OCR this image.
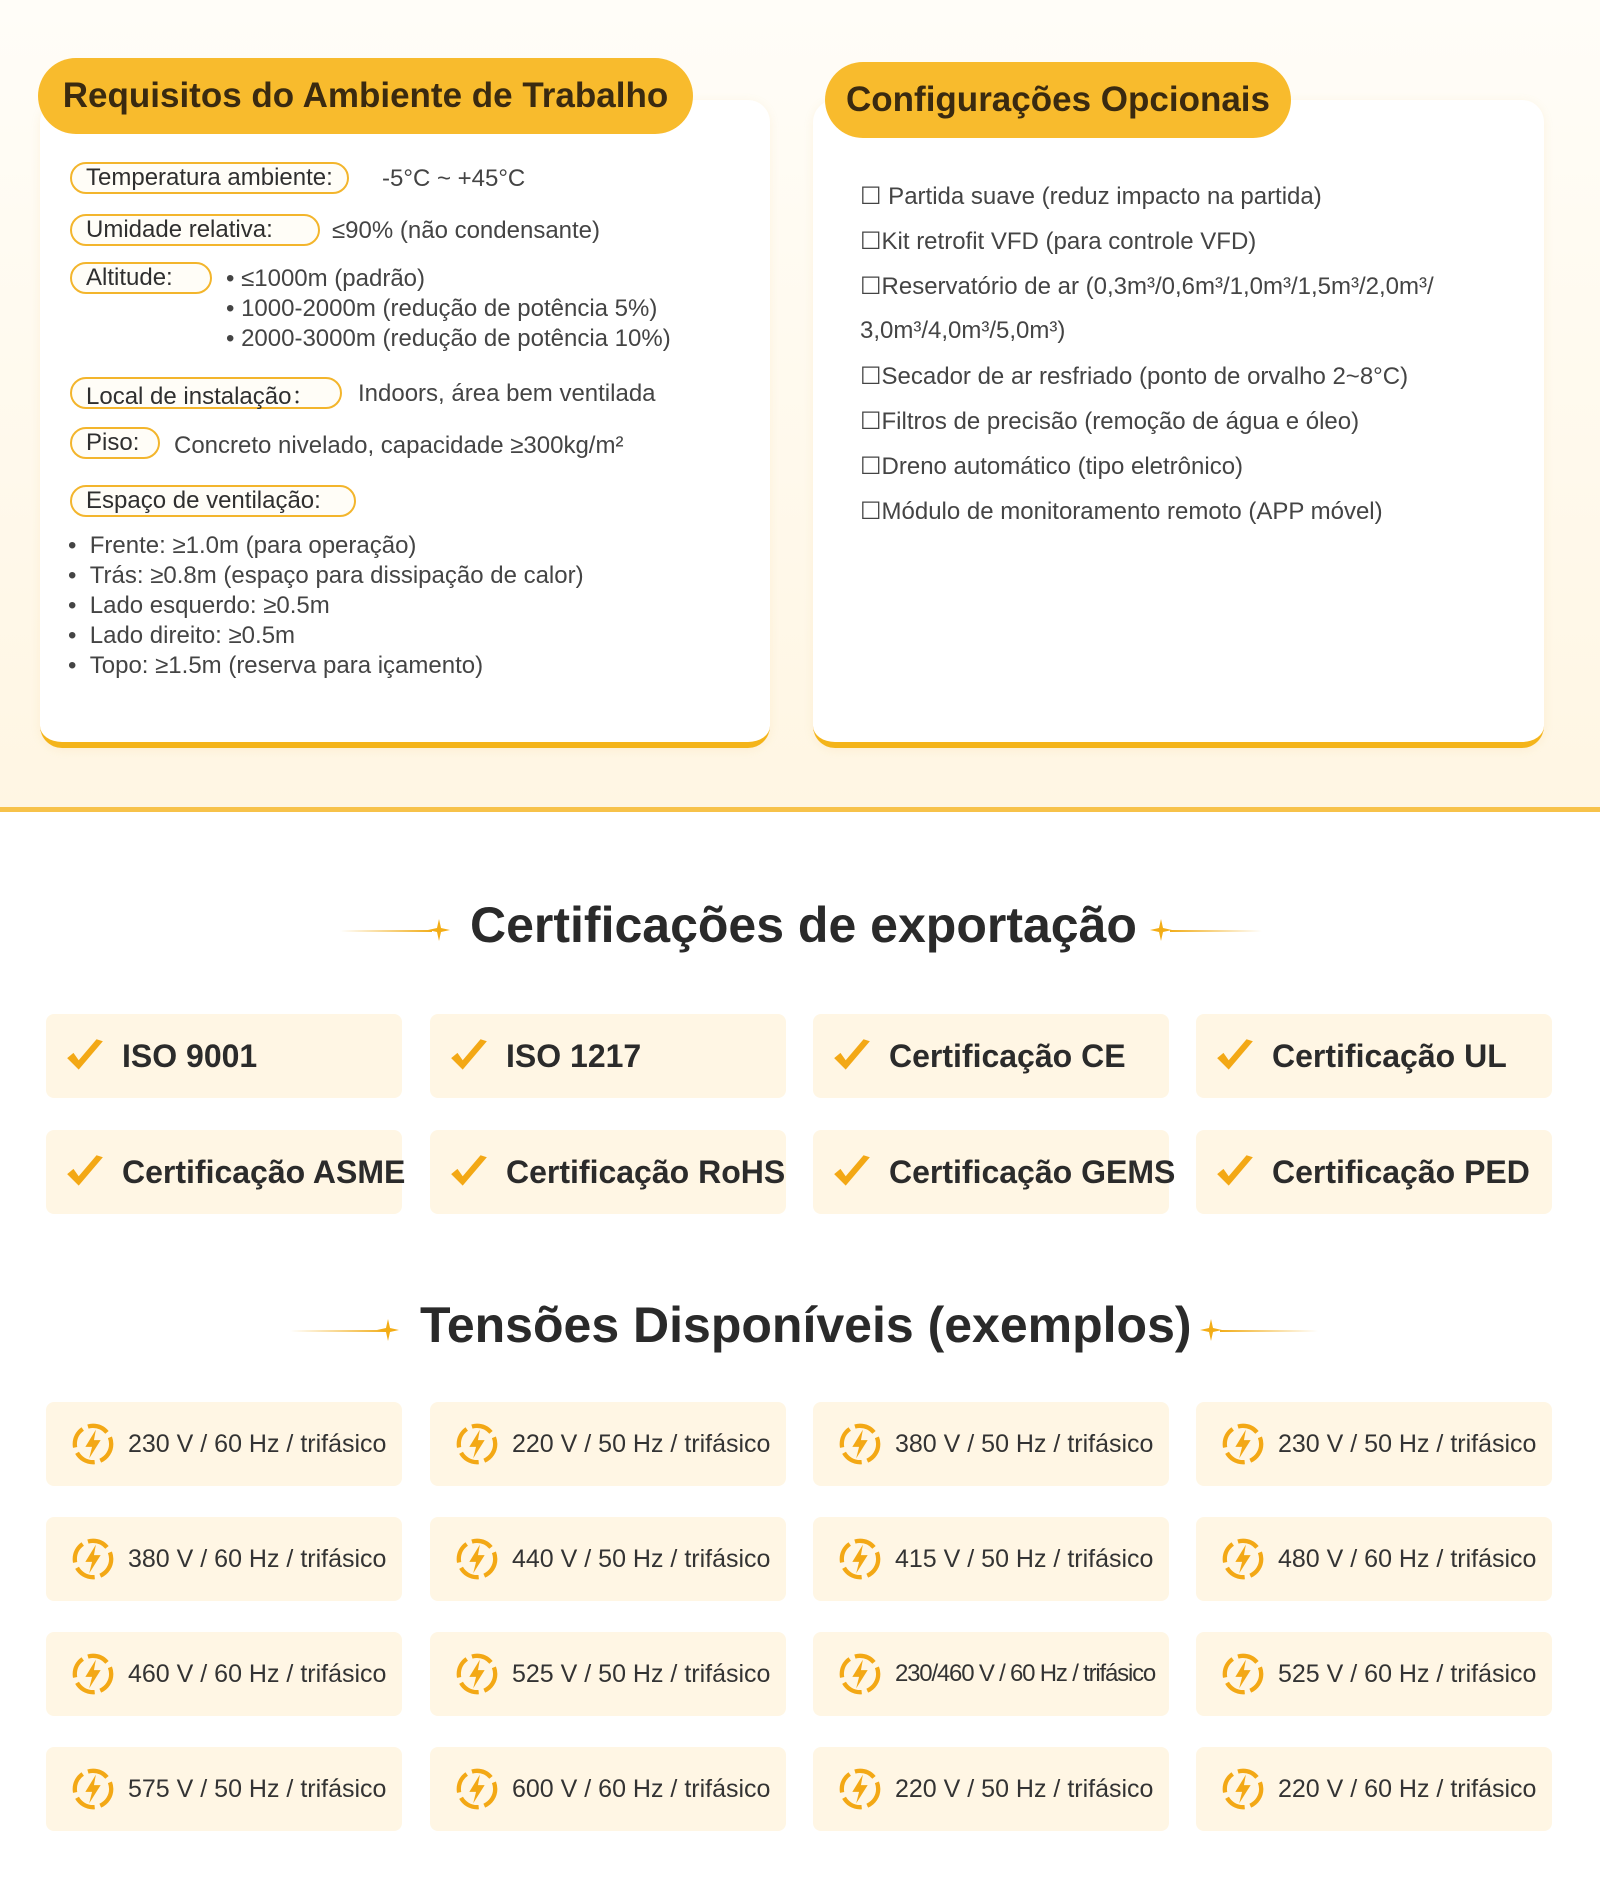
Requisitos do Ambiente de Trabalho
Temperatura ambiente:	-5°C ~ +45°C
Umidade relativa:	≤90% (não condensante)
Altitude:	• ≤1000m (padrão)
• 1000-2000m (redução de potência 5%)
• 2000-3000m (redução de potência 10%)
Local de instalação：	Indoors, área bem ventilada
Piso:	Concreto nivelado, capacidade ≥300kg/m²
Espaço de ventilação:
•  Frente: ≥1.0m (para operação)
•  Trás: ≥0.8m (espaço para dissipação de calor)
•  Lado esquerdo: ≥0.5m
•  Lado direito: ≥0.5m
•  Topo: ≥1.5m (reserva para içamento)
Configurações Opcionais
☐ Partida suave (reduz impacto na partida)
☐Kit retrofit VFD (para controle VFD)
☐Reservatório de ar (0,3m³/0,6m³/1,0m³/1,5m³/2,0m³/
3,0m³/4,0m³/5,0m³)
☐Secador de ar resfriado (ponto de orvalho 2~8°C)
☐Filtros de precisão (remoção de água e óleo)
☐Dreno automático (tipo eletrônico)
☐Módulo de monitoramento remoto (APP móvel)
Certificações de exportação
ISO 9001	ISO 1217	Certificação CE	Certificação UL
Certificação ASME	Certificação RoHS	Certificação GEMS	Certificação PED
Tensões Disponíveis (exemplos)
230 V / 60 Hz / trifásico	220 V / 50 Hz / trifásico	380 V / 50 Hz / trifásico	230 V / 50 Hz / trifásico
380 V / 60 Hz / trifásico	440 V / 50 Hz / trifásico	415 V / 50 Hz / trifásico	480 V / 60 Hz / trifásico
460 V / 60 Hz / trifásico	525 V / 50 Hz / trifásico	230/460 V / 60 Hz / trifásico	525 V / 60 Hz / trifásico
575 V / 50 Hz / trifásico	600 V / 60 Hz / trifásico	220 V / 50 Hz / trifásico	220 V / 60 Hz / trifásico
